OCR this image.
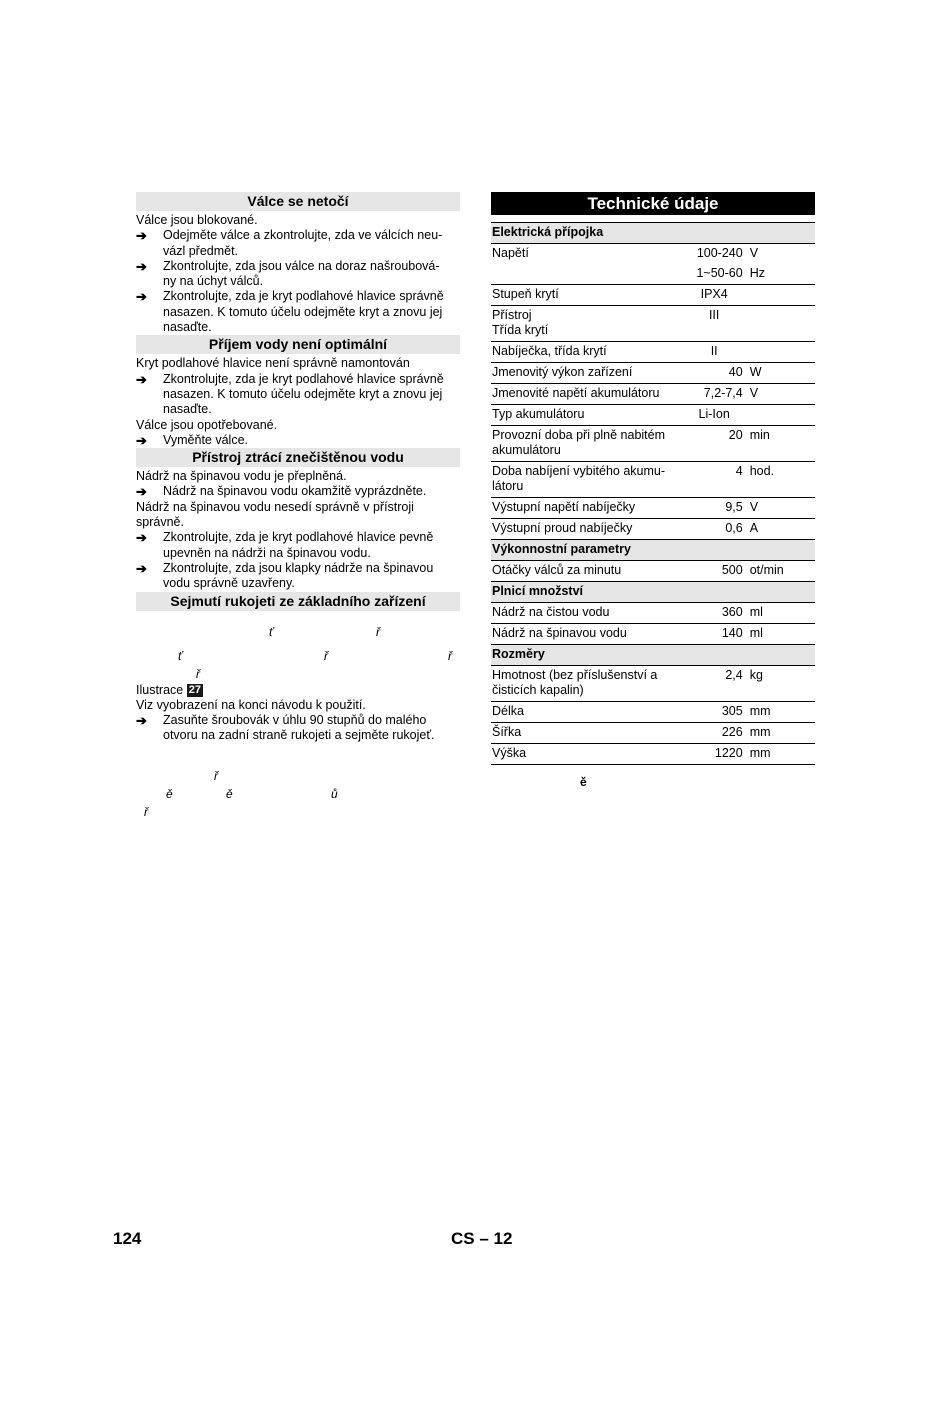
Válce se netočí

Válce jsou blokované.

➔ Odejměte válce a zkontrolujte, zda ve válcích neu-
vázl předmět.
➔ Zkontrolujte, zda jsou válce na doraz našroubová-
ny na úchyt válců.
➔ Zkontrolujte, zda je kryt podlahové hlavice správně
nasazen. K tomuto účelu odejměte kryt a znovu jej
nasaďte.
Příjem vody není optimální

Kryt podlahové hlavice není správně namontován

➔ Zkontrolujte, zda je kryt podlahové hlavice správně
nasazen. K tomuto účelu odejměte kryt a znovu jej
nasaďte.

Válce jsou opotřebované.

➔ Vyměňte válce.
Přístroj ztrácí znečištěnou vodu

Nádrž na špinavou vodu je přeplněná.

➔ Nádrž na špinavou vodu okamžitě vyprázdněte.

Nádrž na špinavou vodu nesedí správně v přístroji
správně.

➔ Zkontrolujte, zda je kryt podlahové hlavice pevně
upevněn na nádrži na špinavou vodu.
➔ Zkontrolujte, zda jsou klapky nádrže na špinavou
vodu správně uzavřeny.
Sejmutí rukojeti ze základního zařízení
ť	ř
ť	ř	ř
ř
Ilustrace 27

Viz vyobrazení na konci návodu k použití.

➔ Zasuňte šroubovák v úhlu 90 stupňů do malého
otvoru na zadní straně rukojeti a sejměte rukojeť.
ř
ě	ě	ů
ř
Technické údaje
Elektrická přípojka		
Napětí	100-240	V
	1~50-60	Hz
Stupeň krytí	IPX4	
Přístroj
Třída krytí	III	
Nabíječka, třída krytí	II	
Jmenovitý výkon zařízení	40	W
Jmenovité napětí akumulátoru	7,2-7,4	V
Typ akumulátoru	Li-Ion	
Provozní doba při plně nabitém
akumulátoru	20	min
Doba nabíjení vybitého akumu-
látoru	4	hod.
Výstupní napětí nabíječky	9,5	V
Výstupní proud nabíječky	0,6	A
Výkonnostní parametry		
Otáčky válců za minutu	500	ot/min
Plnicí množství		
Nádrž na čistou vodu	360	ml
Nádrž na špinavou vodu	140	ml
Rozměry		
Hmotnost (bez příslušenství a
čisticích kapalin)	2,4	kg
Délka	305	mm
Šířka	226	mm
Výška	1220	mm
ě
124	CS – 12
